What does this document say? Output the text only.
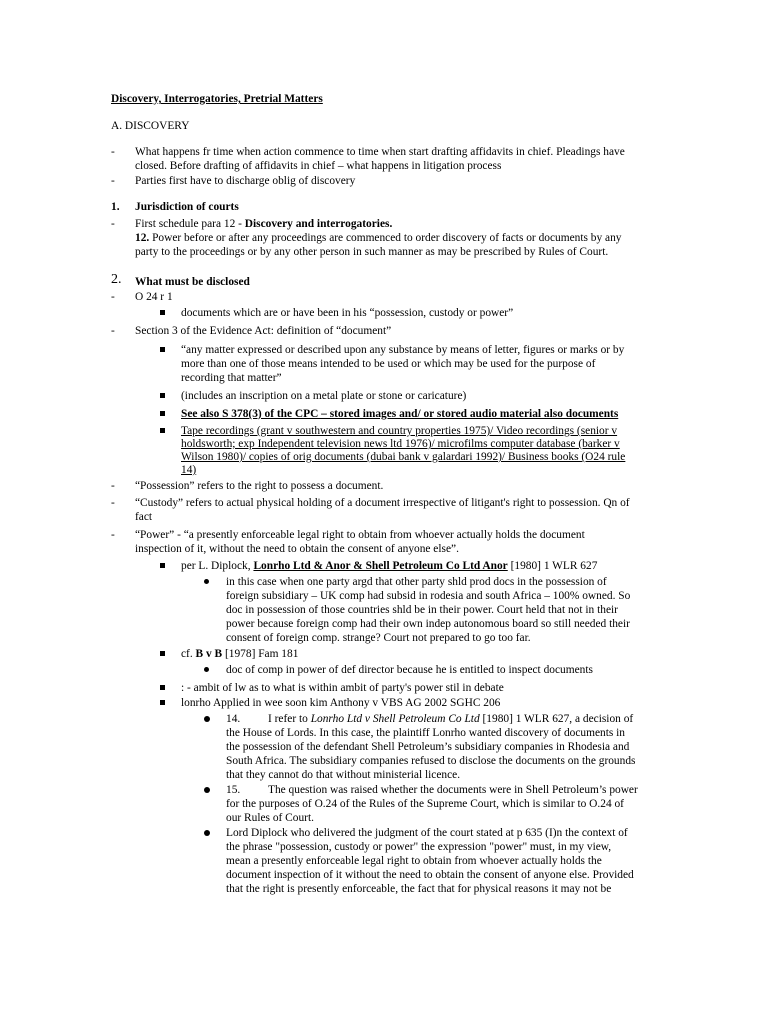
Discovery, Interrogatories, Pretrial Matters
A. DISCOVERY
- What happens fr time when action commence to time when start drafting affidavits in chief. Pleadings have
closed. Before drafting of affidavits in chief – what happens in litigation process
- Parties first have to discharge oblig of discovery
1. Jurisdiction of courts
- First schedule para 12 - Discovery and interrogatories.
12. Power before or after any proceedings are commenced to order discovery of facts or documents by any
party to the proceedings or by any other person in such manner as may be prescribed by Rules of Court.
2. What must be disclosed
- O 24 r 1
documents which are or have been in his “possession, custody or power”
- Section 3 of the Evidence Act: definition of “document”
“any matter expressed or described upon any substance by means of letter, figures or marks or by
more than one of those means intended to be used or which may be used for the purpose of
recording that matter”
(includes an inscription on a metal plate or stone or caricature)
See also S 378(3) of the CPC – stored images and/ or stored audio material also documents
Tape recordings (grant v southwestern and country properties 1975)/ Video recordings (senior v
holdsworth; exp Independent television news ltd 1976)/ microfilms computer database (barker v
Wilson 1980)/ copies of orig documents (dubai bank v galardari 1992)/ Business books (O24 rule
14)
- “Possession” refers to the right to possess a document.
- “Custody” refers to actual physical holding of a document irrespective of litigant's right to possession. Qn of
fact
- “Power” - “a presently enforceable legal right to obtain from whoever actually holds the document
inspection of it, without the need to obtain the consent of anyone else”.
per L. Diplock, Lonrho Ltd & Anor & Shell Petroleum Co Ltd Anor [1980] 1 WLR 627
in this case when one party argd that other party shld prod docs in the possession of
foreign subsidiary – UK comp had subsid in rodesia and south Africa – 100% owned. So
doc in possession of those countries shld be in their power. Court held that not in their
power because foreign comp had their own indep autonomous board so still needed their
consent of foreign comp. strange? Court not prepared to go too far.
cf. B v B [1978] Fam 181
doc of comp in power of def director because he is entitled to inspect documents
: - ambit of lw as to what is within ambit of party's power stil in debate
lonrho Applied in wee soon kim Anthony v VBS AG 2002 SGHC 206
14. I refer to Lonrho Ltd v Shell Petroleum Co Ltd [1980] 1 WLR 627, a decision of
the House of Lords. In this case, the plaintiff Lonrho wanted discovery of documents in
the possession of the defendant Shell Petroleum’s subsidiary companies in Rhodesia and
South Africa. The subsidiary companies refused to disclose the documents on the grounds
that they cannot do that without ministerial licence.
15. The question was raised whether the documents were in Shell Petroleum’s power
for the purposes of O.24 of the Rules of the Supreme Court, which is similar to O.24 of
our Rules of Court.
Lord Diplock who delivered the judgment of the court stated at p 635 (I)n the context of
the phrase "possession, custody or power" the expression "power" must, in my view,
mean a presently enforceable legal right to obtain from whoever actually holds the
document inspection of it without the need to obtain the consent of anyone else. Provided
that the right is presently enforceable, the fact that for physical reasons it may not be
